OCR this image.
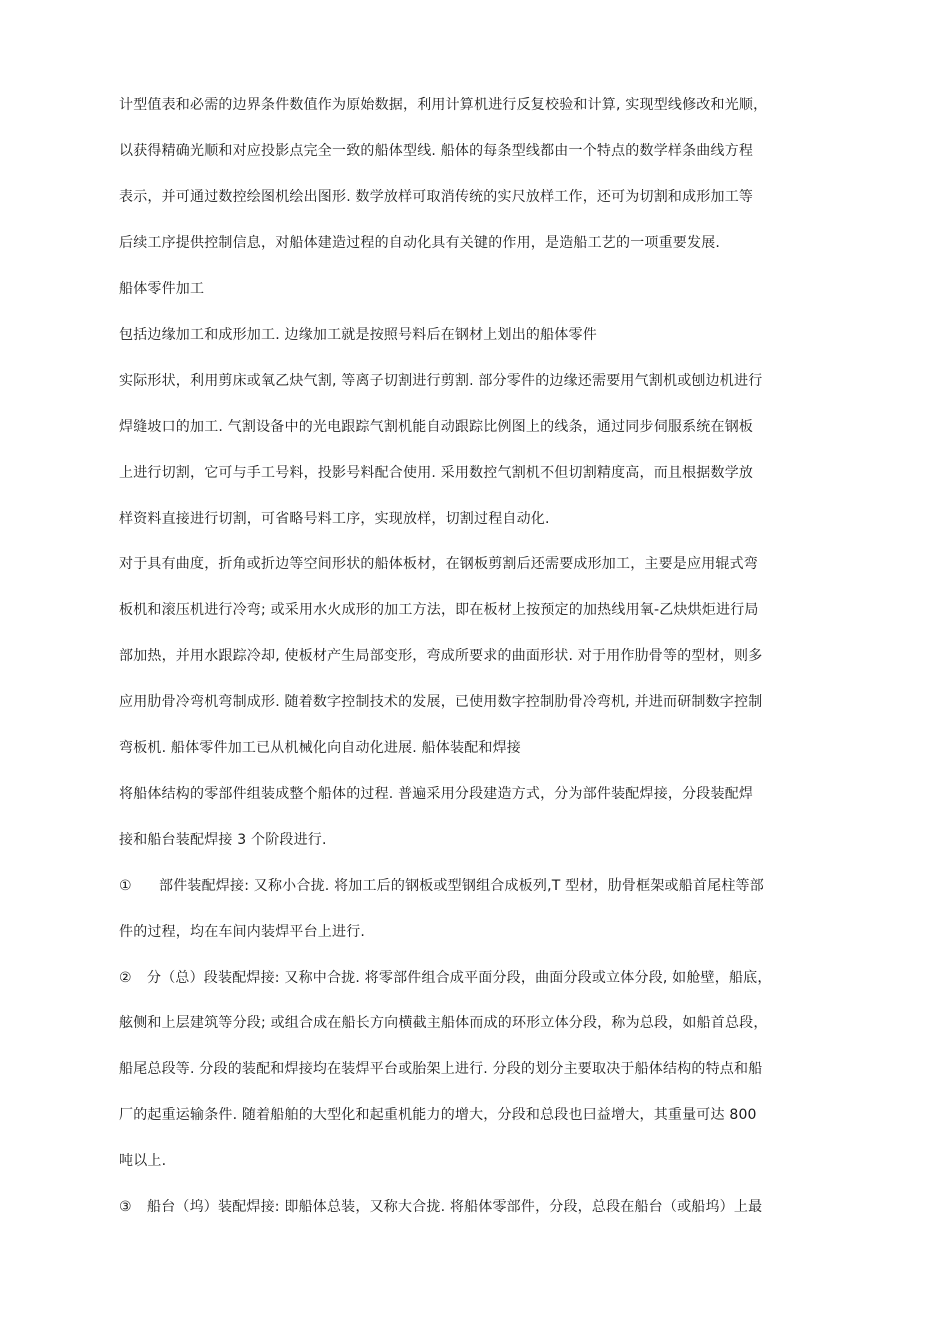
计型值表和必需的边界条件数值作为原始数据，利用计算机进行反复校验和计算, 实现型线修改和光顺，
以获得精确光顺和对应投影点完全一致的船体型线. 船体的每条型线都由一个特点的数学样条曲线方程
表示，并可通过数控绘图机绘出图形. 数学放样可取消传统的实尺放样工作，还可为切割和成形加工等
后续工序提供控制信息，对船体建造过程的自动化具有关键的作用，是造船工艺的一项重要发展.
船体零件加工
包括边缘加工和成形加工. 边缘加工就是按照号料后在钢材上划出的船体零件
实际形状，利用剪床或氧乙炔气割, 等离子切割进行剪割. 部分零件的边缘还需要用气割机或刨边机进行
焊缝坡口的加工. 气割设备中的光电跟踪气割机能自动跟踪比例图上的线条，通过同步伺服系统在钢板
上进行切割，它可与手工号料，投影号料配合使用. 采用数控气割机不但切割精度高，而且根据数学放
样资料直接进行切割，可省略号料工序，实现放样，切割过程自动化.
对于具有曲度，折角或折边等空间形状的船体板材，在钢板剪割后还需要成形加工，主要是应用辊式弯
板机和滚压机进行冷弯; 或采用水火成形的加工方法，即在板材上按预定的加热线用氧-乙炔烘炬进行局
部加热，并用水跟踪冷却, 使板材产生局部变形，弯成所要求的曲面形状. 对于用作肋骨等的型材，则多
应用肋骨冷弯机弯制成形. 随着数字控制技术的发展，已使用数字控制肋骨冷弯机, 并进而研制数字控制
弯板机. 船体零件加工已从机械化向自动化进展. 船体装配和焊接
将船体结构的零部件组装成整个船体的过程. 普遍采用分段建造方式，分为部件装配焊接，分段装配焊
接和船台装配焊接 3 个阶段进行.
① 部件装配焊接: 又称小合拢. 将加工后的钢板或型钢组合成板列,T 型材，肋骨框架或船首尾柱等部
件的过程，均在车间内装焊平台上进行.
② 分（总）段装配焊接: 又称中合拢. 将零部件组合成平面分段，曲面分段或立体分段, 如舱壁，船底，
舷侧和上层建筑等分段; 或组合成在船长方向横截主船体而成的环形立体分段，称为总段，如船首总段，
船尾总段等. 分段的装配和焊接均在装焊平台或胎架上进行. 分段的划分主要取决于船体结构的特点和船
厂的起重运输条件. 随着船舶的大型化和起重机能力的增大，分段和总段也曰益增大，其重量可达 800
吨以上.
③ 船台（坞）装配焊接: 即船体总装，又称大合拢. 将船体零部件，分段，总段在船台（或船坞）上最
